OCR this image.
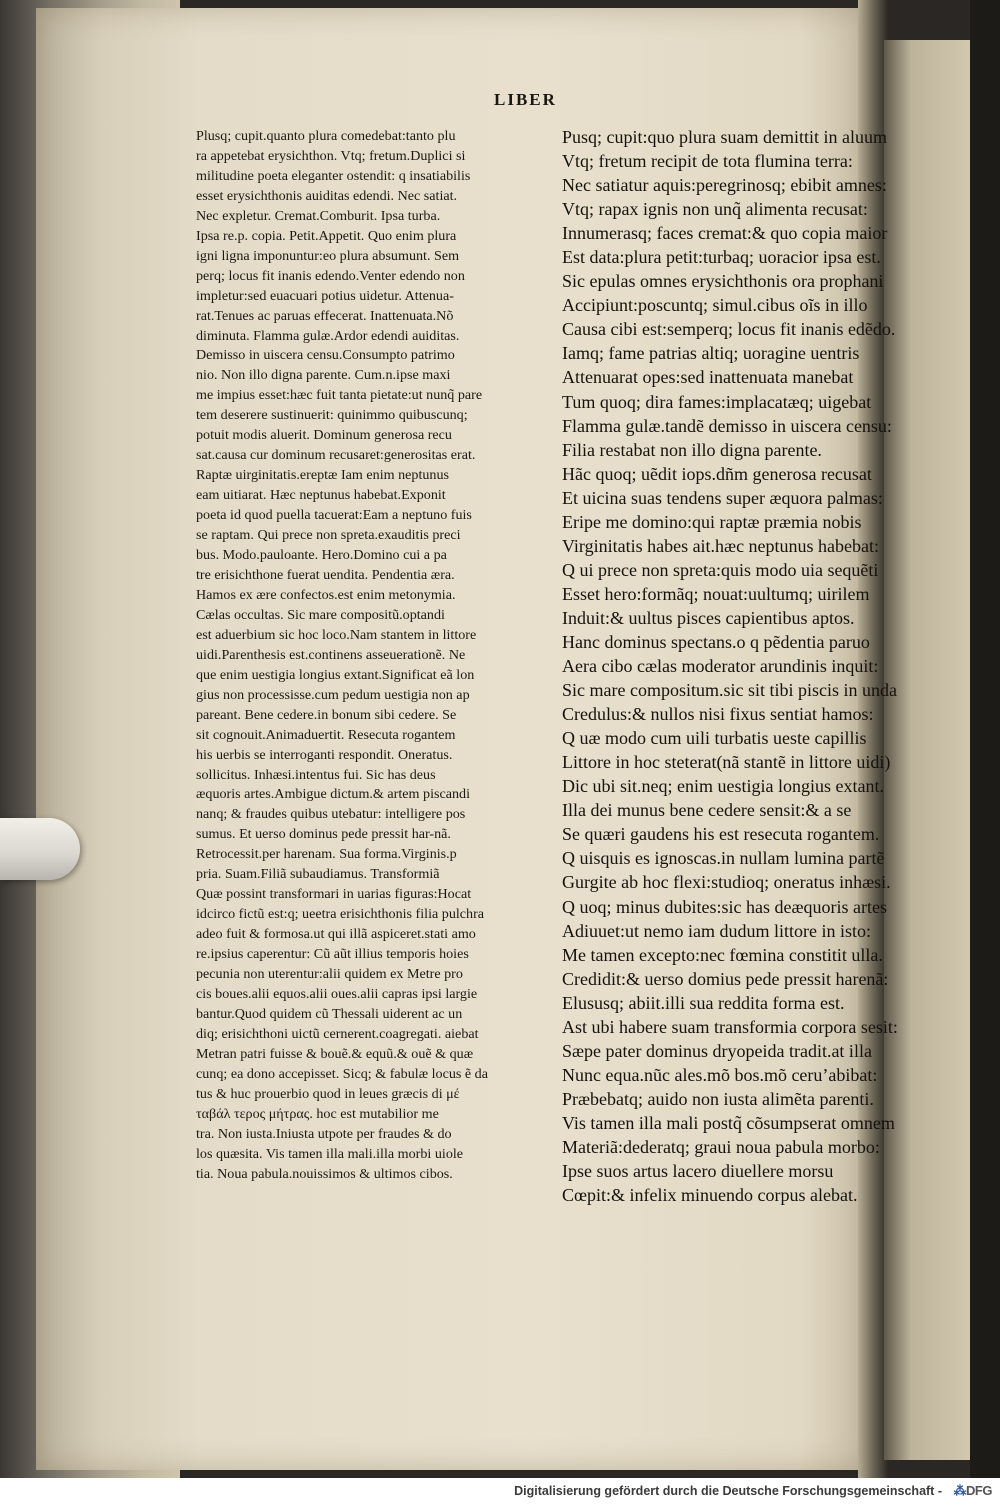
LIBER
Plusq; cupit.quanto plura comedebat:tanto plu
ra appetebat erysichthon. Vtq; fretum.Duplici si
militudine poeta eleganter ostendit: q insatiabilis
esset erysichthonis auiditas edendi. Nec satiat.
Nec expletur. Cremat.Comburit. Ipsa turba.
Ipsa re.p. copia. Petit.Appetit. Quo enim plura
igni ligna imponuntur:eo plura absumunt. Sem
perq; locus fit inanis edendo.Venter edendo non
impletur:sed euacuari potius uidetur. Attenua-
rat.Tenues ac paruas effecerat. Inattenuata.Nõ
diminuta. Flamma gulæ.Ardor edendi auiditas.
Demisso in uiscera censu.Consumpto patrimo
nio. Non illo digna parente. Cum.n.ipse maxi
me impius esset:hæc fuit tanta pietate:ut nunq̃ pare
tem deserere sustinuerit: quinimmo quibuscunq;
potuit modis aluerit. Dominum generosa recu
sat.causa cur dominum recusaret:generositas erat.
Raptæ uirginitatis.ereptæ Iam enim neptunus
eam uitiarat. Hæc neptunus habebat.Exponit
poeta id quod puella tacuerat:Eam a neptuno fuis
se raptam. Qui prece non spreta.exauditis preci
bus. Modo.pauloante. Hero.Domino cui a pa
tre erisichthone fuerat uendita. Pendentia æra.
Hamos ex ære confectos.est enim metonymia.
Cælas occultas. Sic mare compositũ.optandi
est aduerbium sic hoc loco.Nam stantem in littore
uidi.Parenthesis est.continens asseuerationẽ. Ne
que enim uestigia longius extant.Significat eã lon
gius non processisse.cum pedum uestigia non ap
pareant. Bene cedere.in bonum sibi cedere. Se
sit cognouit.Animaduertit. Resecuta rogantem
his uerbis se interroganti respondit. Oneratus.
sollicitus. Inhæsi.intentus fui. Sic has deus
æquoris artes.Ambigue dictum.& artem piscandi
nanq; & fraudes quibus utebatur: intelligere pos
sumus. Et uerso dominus pede pressit har-nã.
Retrocessit.per harenam. Sua forma.Virginis.p
pria. Suam.Filiã subaudiamus. Transformiã
Quæ possint transformari in uarias figuras:Hocat
idcirco fictũ est:q; ueetra erisichthonis filia pulchra
adeo fuit & formosa.ut qui illã aspiceret.stati amo
re.ipsius caperentur: Cũ aũt illius temporis hoies
pecunia non uterentur:alii quidem ex Metre pro
cis boues.alii equos.alii oues.alii capras ipsi largie
bantur.Quod quidem cũ Thessali uiderent ac un
diq; erisichthoni uictũ cernerent.coagregati. aiebat
Metran patri fuisse & bouẽ.& equũ.& ouẽ & quæ
cunq; ea dono accepisset. Sicq; & fabulæ locus ẽ da
tus & huc prouerbio quod in leues græcis di μέ
ταβάλ τερος μήτρας. hoc est mutabilior me
tra. Non iusta.Iniusta utpote per fraudes & do
los quæsita. Vis tamen illa mali.illa morbi uiole
tia. Noua pabula.nouissimos & ultimos cibos.
Pusq; cupit:quo plura suam demittit in aluum
Vtq; fretum recipit de tota flumina terra:
Nec satiatur aquis:peregrinosq; ebibit amnes:
Vtq; rapax ignis non unq̃ alimenta recusat:
Innumerasq; faces cremat:& quo copia maior
Est data:plura petit:turbaq; uoracior ipsa est.
Sic epulas omnes erysichthonis ora prophani
Accipiunt:poscuntq; simul.cibus oĩs in illo
Causa cibi est:semperq; locus fit inanis edẽdo.
Iamq; fame patrias altiq; uoragine uentris
Attenuarat opes:sed inattenuata manebat
Tum quoq; dira fames:implacatæq; uigebat
Flamma gulæ.tandẽ demisso in uiscera censu:
Filia restabat non illo digna parente.
Hãc quoq; uẽdit iops.dñm generosa recusat
Et uicina suas tendens super æquora palmas:
Eripe me domino:qui raptæ præmia nobis
Virginitatis habes ait.hæc neptunus habebat:
Q ui prece non spreta:quis modo uia sequẽti
Esset hero:formãq; nouat:uultumq; uirilem
Induit:& uultus pisces capientibus aptos.
Hanc dominus spectans.o q pẽdentia paruo
Aera cibo cælas moderator arundinis inquit:
Sic mare compositum.sic sit tibi piscis in unda
Credulus:& nullos nisi fixus sentiat hamos:
Q uæ modo cum uili turbatis ueste capillis
Littore in hoc steterat(nã stantẽ in littore uidi)
Dic ubi sit.neq; enim uestigia longius extant.
Illa dei munus bene cedere sensit:& a se
Se quæri gaudens his est resecuta rogantem.
Q uisquis es ignoscas.in nullam lumina partẽ
Gurgite ab hoc flexi:studioq; oneratus inhæsi.
Q uoq; minus dubites:sic has deæquoris artes
Adiuuet:ut nemo iam dudum littore in isto:
Me tamen excepto:nec fœmina constitit ulla.
Credidit:& uerso domius pede pressit harenã:
Elususq; abiit.illi sua reddita forma est.
Ast ubi habere suam transformia corpora sesit:
Sæpe pater dominus dryopeida tradit.at illa
Nunc equa.nũc ales.mõ bos.mõ ceruʼabibat:
Præbebatq; auido non iusta alimẽta parenti.
Vis tamen illa mali postq̃ cõsumpserat omnem
Materiã:dederatq; graui noua pabula morbo:
Ipse suos artus lacero diuellere morsu
Cœpit:& infelix minuendo corpus alebat.
Digitalisierung gefördert durch die Deutsche Forschungsgemeinschaft - ⁂DFG
